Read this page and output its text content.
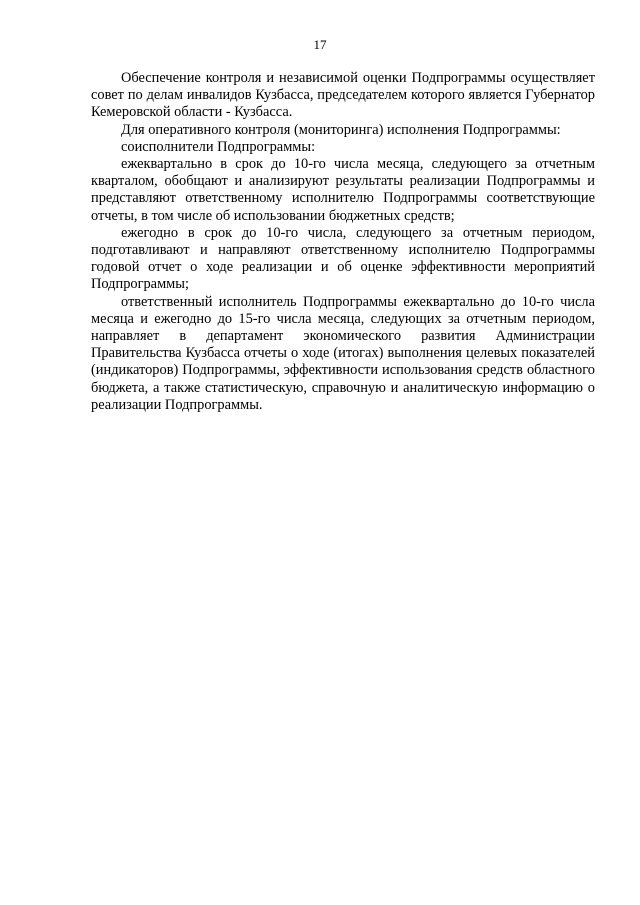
17

Обеспечение контроля и независимой оценки Подпрограммы осуществляет совет по делам инвалидов Кузбасса, председателем которого является Губернатор Кемеровской области - Кузбасса.

Для оперативного контроля (мониторинга) исполнения Подпрограммы:

соисполнители Подпрограммы:

ежеквартально в срок до 10-го числа месяца, следующего за отчетным кварталом, обобщают и анализируют результаты реализации Подпрограммы и представляют ответственному исполнителю Подпрограммы соответствующие отчеты, в том числе об использовании бюджетных средств;

ежегодно в срок до 10-го числа, следующего за отчетным периодом, подготавливают и направляют ответственному исполнителю Подпрограммы годовой отчет о ходе реализации и об оценке эффективности мероприятий Подпрограммы;

ответственный исполнитель Подпрограммы ежеквартально до 10-го числа месяца и ежегодно до 15-го числа месяца, следующих за отчетным периодом, направляет в департамент экономического развития Администрации Правительства Кузбасса отчеты о ходе (итогах) выполнения целевых показателей (индикаторов) Подпрограммы, эффективности использования средств областного бюджета, а также статистическую, справочную и аналитическую информацию о реализации Подпрограммы.
